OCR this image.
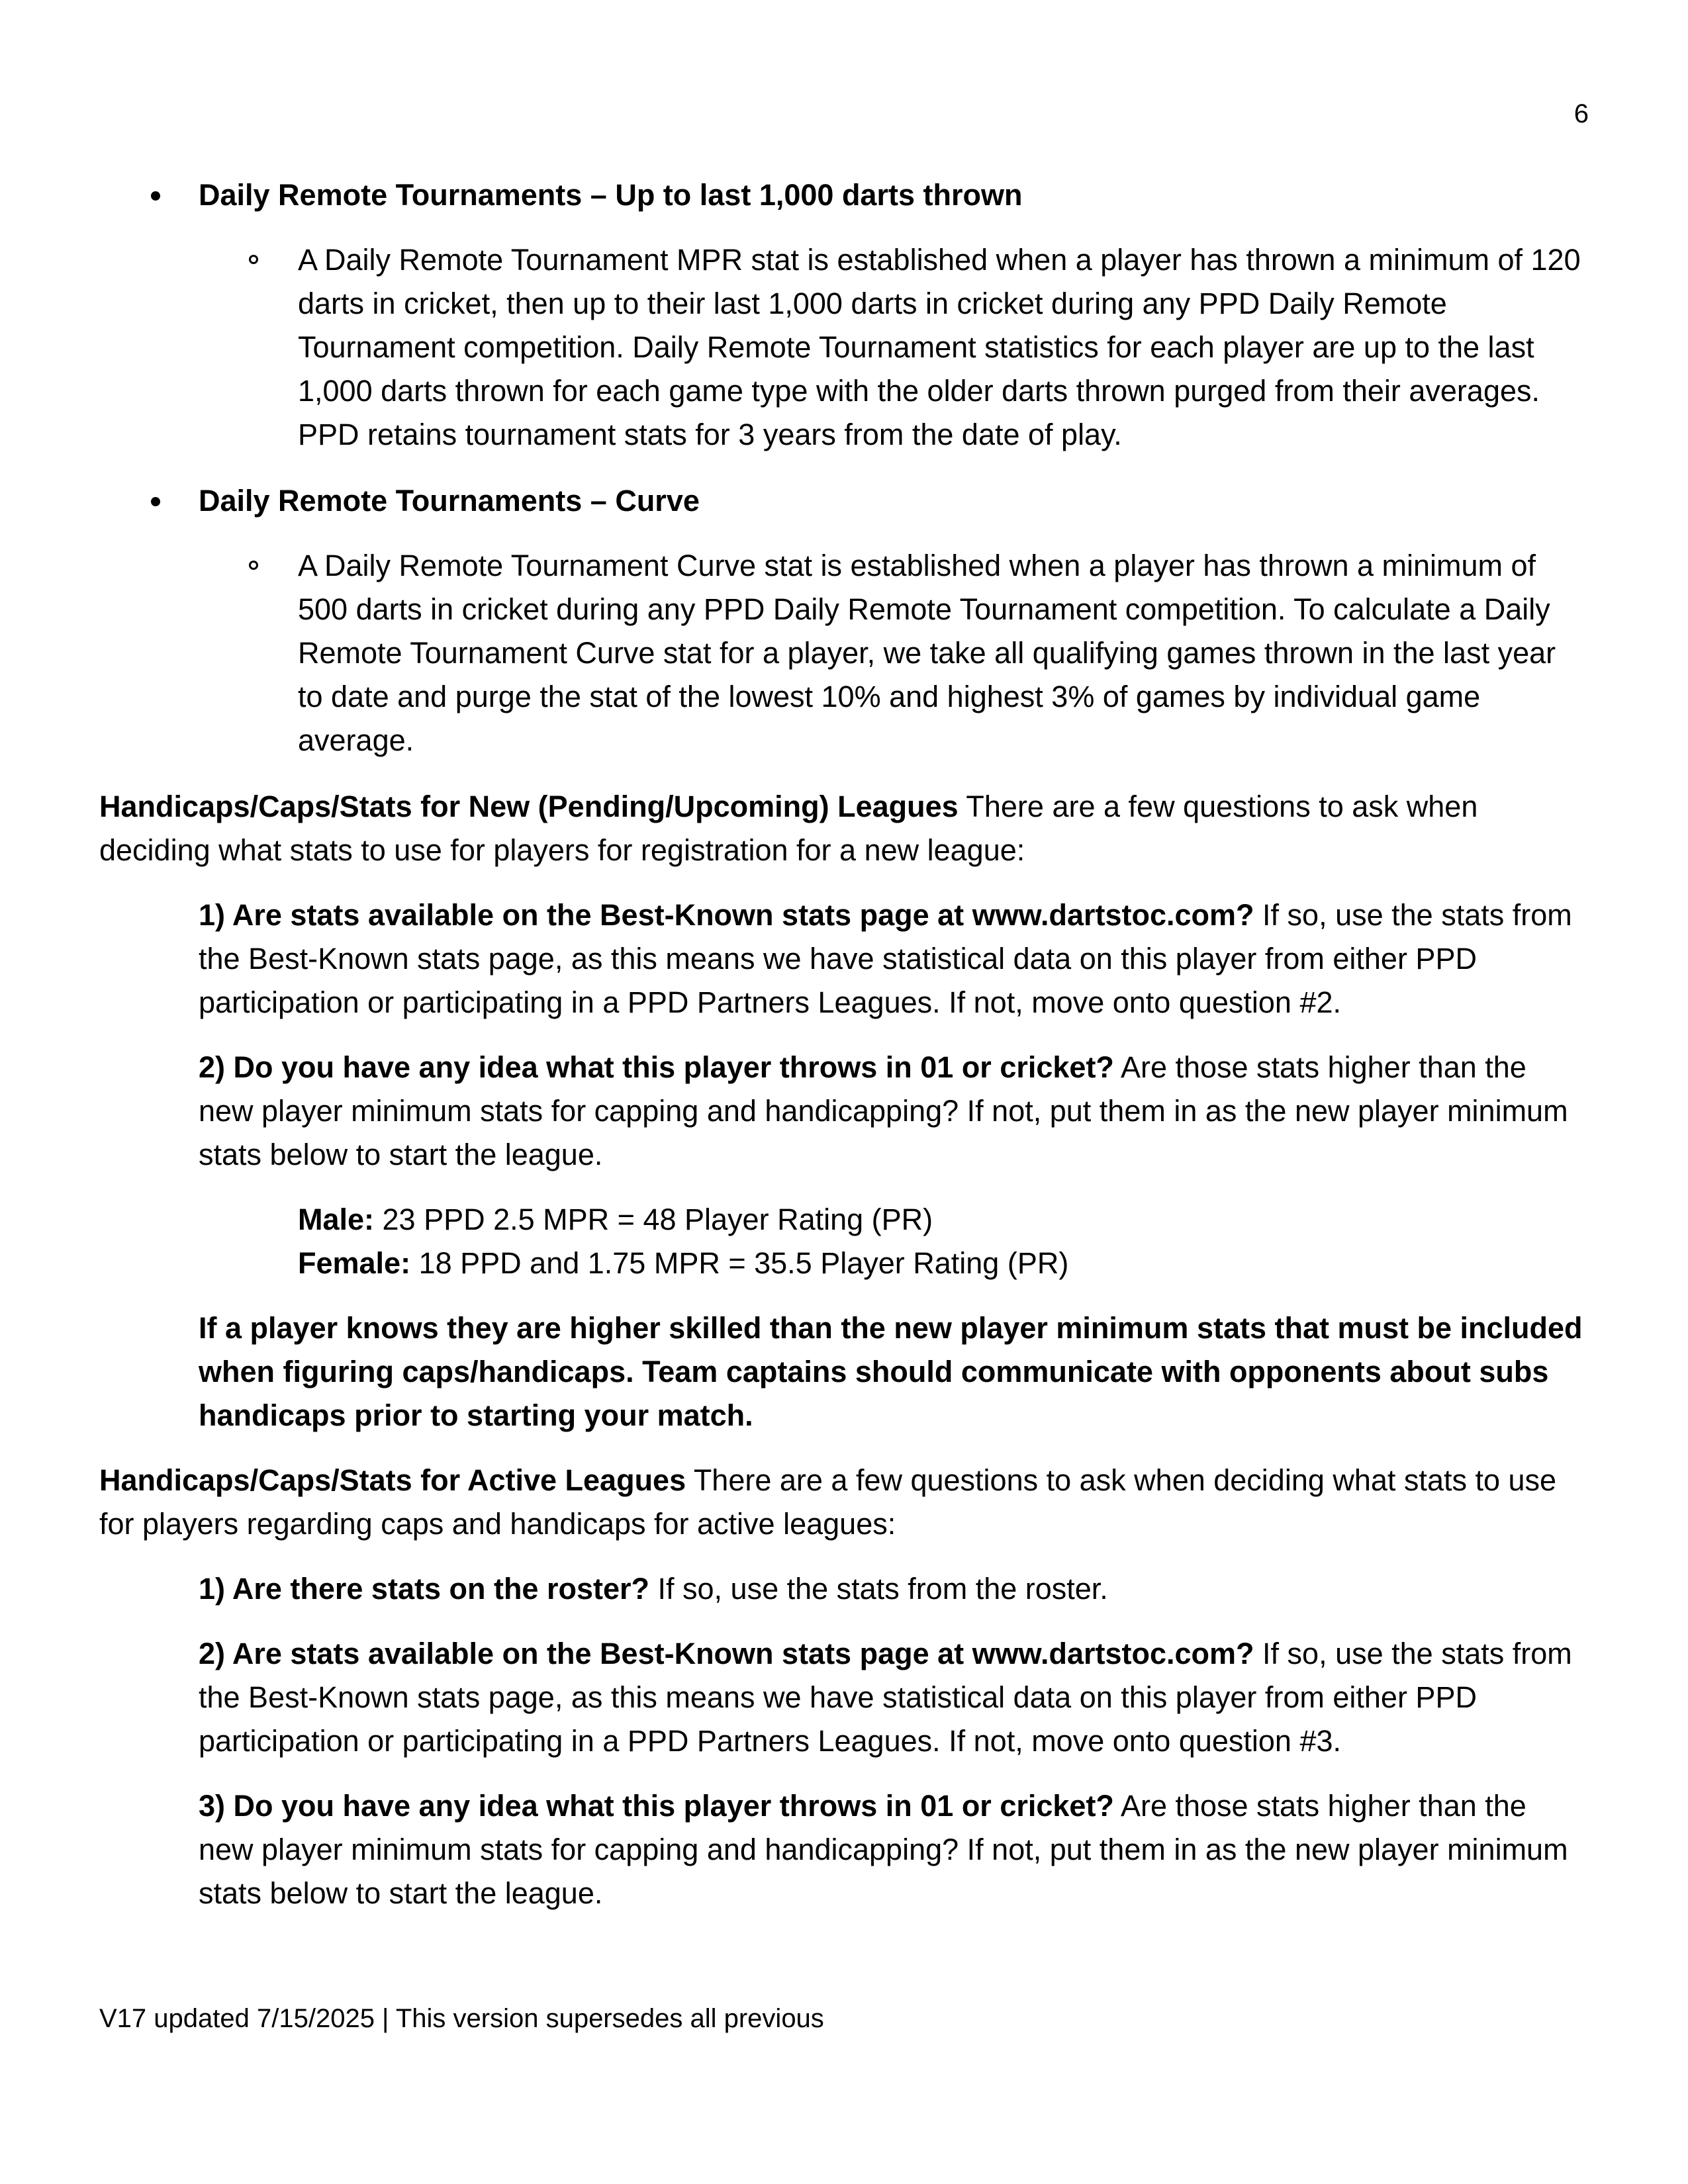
6

Daily Remote Tournaments – Up to last 1,000 darts thrown

A Daily Remote Tournament MPR stat is established when a player has thrown a minimum of 120 darts in cricket, then up to their last 1,000 darts in cricket during any PPD Daily Remote Tournament competition. Daily Remote Tournament statistics for each player are up to the last 1,000 darts thrown for each game type with the older darts thrown purged from their averages. PPD retains tournament stats for 3 years from the date of play.

Daily Remote Tournaments – Curve

A Daily Remote Tournament Curve stat is established when a player has thrown a minimum of 500 darts in cricket during any PPD Daily Remote Tournament competition. To calculate a Daily Remote Tournament Curve stat for a player, we take all qualifying games thrown in the last year to date and purge the stat of the lowest 10% and highest 3% of games by individual game average.

Handicaps/Caps/Stats for New (Pending/Upcoming) Leagues There are a few questions to ask when deciding what stats to use for players for registration for a new league:

1) Are stats available on the Best-Known stats page at www.dartstoc.com? If so, use the stats from the Best-Known stats page, as this means we have statistical data on this player from either PPD participation or participating in a PPD Partners Leagues. If not, move onto question #2.

2) Do you have any idea what this player throws in 01 or cricket? Are those stats higher than the new player minimum stats for capping and handicapping? If not, put them in as the new player minimum stats below to start the league.

Male: 23 PPD 2.5 MPR = 48 Player Rating (PR)

Female: 18 PPD and 1.75 MPR = 35.5 Player Rating (PR)

If a player knows they are higher skilled than the new player minimum stats that must be included when figuring caps/handicaps. Team captains should communicate with opponents about subs handicaps prior to starting your match.

Handicaps/Caps/Stats for Active Leagues There are a few questions to ask when deciding what stats to use for players regarding caps and handicaps for active leagues:

1) Are there stats on the roster? If so, use the stats from the roster.

2) Are stats available on the Best-Known stats page at www.dartstoc.com? If so, use the stats from the Best-Known stats page, as this means we have statistical data on this player from either PPD participation or participating in a PPD Partners Leagues. If not, move onto question #3.

3) Do you have any idea what this player throws in 01 or cricket? Are those stats higher than the new player minimum stats for capping and handicapping? If not, put them in as the new player minimum stats below to start the league.

V17 updated 7/15/2025 | This version supersedes all previous
